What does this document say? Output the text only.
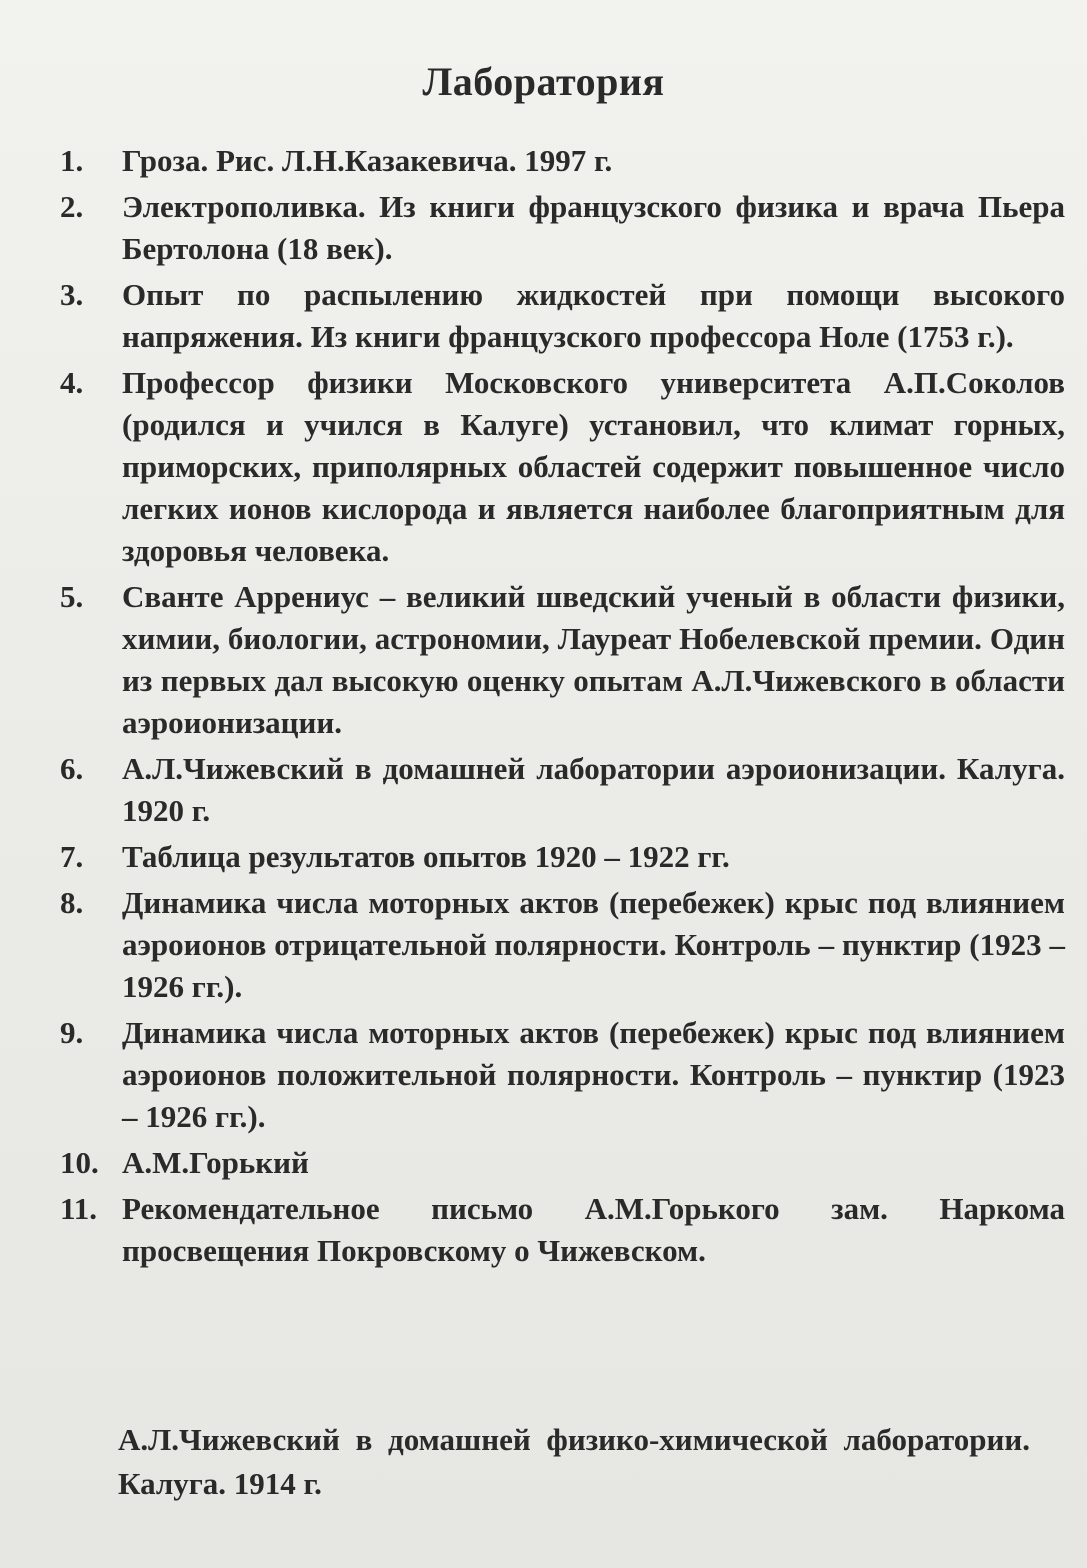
Лаборатория
1.	Гроза. Рис. Л.Н.Казакевича. 1997 г.
2.	Электрополивка. Из книги французского физика и врача Пьера Бертолона (18 век).
3.	Опыт по распылению жидкостей при помощи высокого напряжения. Из книги французского профессора Ноле (1753 г.).
4.	Профессор физики Московского университета А.П.Соколов (родился и учился в Калуге) установил, что климат горных, приморских, приполярных областей содержит повышенное число легких ионов кислорода и является наиболее благоприятным для здоровья человека.
5.	Сванте Аррениус – великий шведский ученый в области физики, химии, биологии, астрономии, Лауреат Нобелевской премии. Один из первых дал высокую оценку опытам А.Л.Чижевского в области аэроионизации.
6.	А.Л.Чижевский в домашней лаборатории аэроионизации. Калуга. 1920 г.
7.	Таблица результатов опытов 1920 – 1922 гг.
8.	Динамика числа моторных актов (перебежек) крыс под влиянием аэроионов отрицательной полярности. Контроль – пунктир (1923 – 1926 гг.).
9.	Динамика числа моторных актов (перебежек) крыс под влиянием аэроионов положительной полярности. Контроль – пунктир (1923 – 1926 гг.).
10. А.М.Горький
11. Рекомендательное письмо А.М.Горького зам. Наркома просвещения Покровскому о Чижевском.

А.Л.Чижевский в домашней физико-химической лаборатории. Калуга. 1914 г.
